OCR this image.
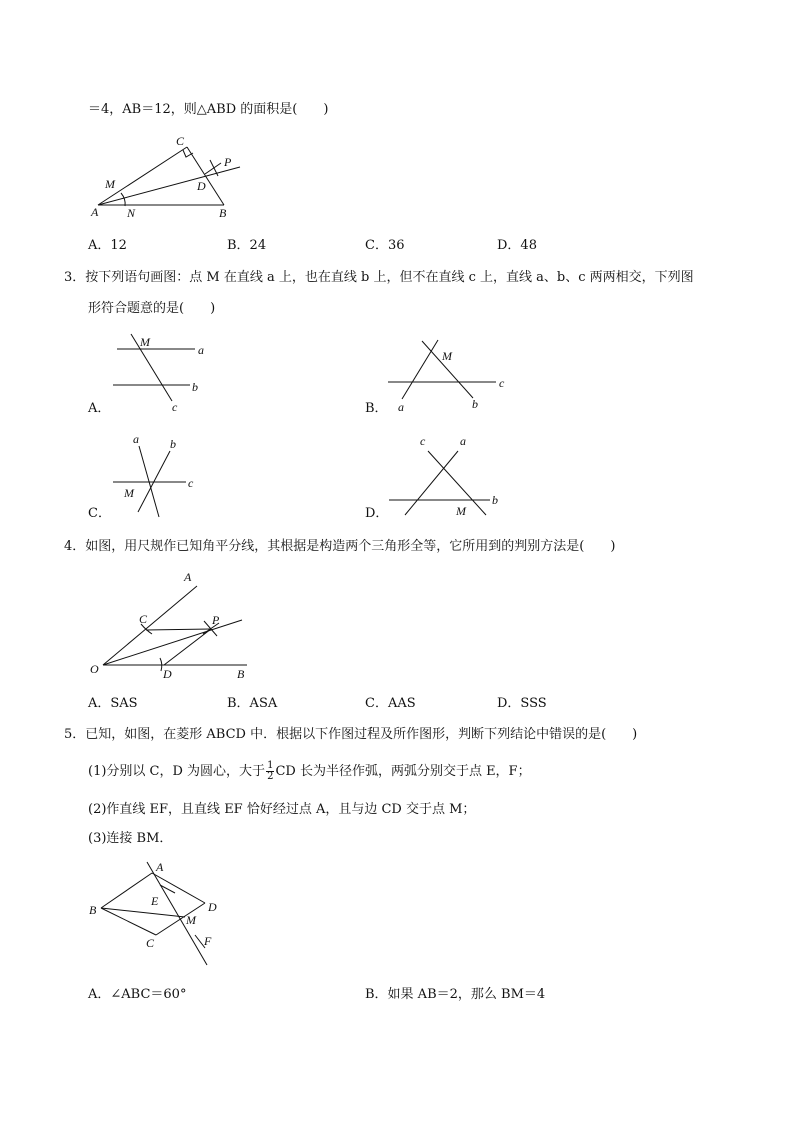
＝4，AB＝12，则△ABD 的面积是(　　)
C
P
M	D
A N	B
A．12	B．24	C．36	D．48
3．按下列语句画图：点 M 在直线 a 上，也在直线 b 上，但不在直线 c 上，直线 a、b、c 两两相交，下列图
形符合题意的是(　　)
M
a
b
c
M
c
a	b
a	b
c
M
c	a
b
M
A．	B．
C．	D．
4．如图，用尺规作已知角平分线，其根据是构造两个三角形全等，它所用到的判别方法是(　　)
A
C	P
O	D	B
A．SAS	B．ASA	C．AAS	D．SSS
5．已知，如图，在菱形 ABCD 中．根据以下作图过程及所作图形，判断下列结论中错误的是(　　)
(1)分别以 C，D 为圆心，大于 $\frac{1}{2}$ CD 长为半径作弧，两弧分别交于点 E，F；
(2)作直线 EF，且直线 EF 恰好经过点 A，且与边 CD 交于点 M；
(3)连接 BM．
A
E
B	D
M
C	F
A．∠ABC＝60°	B．如果 AB＝2，那么 BM＝4
